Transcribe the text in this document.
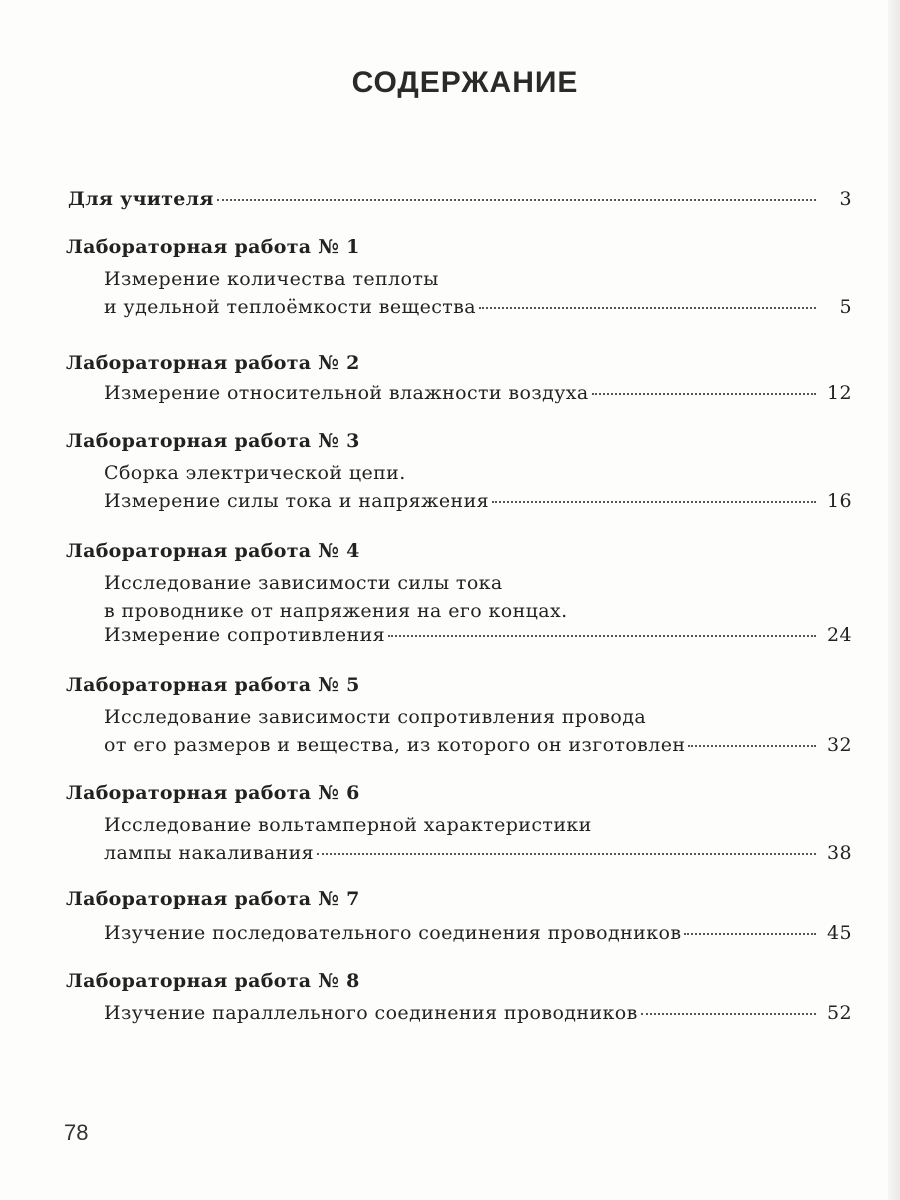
СОДЕРЖАНИЕ
Для учителя	3
Лабораторная работа № 1
Измерение количества теплоты
и удельной теплоёмкости вещества	5
Лабораторная работа № 2
Измерение относительной влажности воздуха	12
Лабораторная работа № 3
Сборка электрической цепи.
Измерение силы тока и напряжения	16
Лабораторная работа № 4
Исследование зависимости силы тока
в проводнике от напряжения на его концах.
Измерение сопротивления	24
Лабораторная работа № 5
Исследование зависимости сопротивления провода
от его размеров и вещества, из которого он изготовлен	32
Лабораторная работа № 6
Исследование вольтамперной характеристики
лампы накаливания	38
Лабораторная работа № 7
Изучение последовательного соединения проводников	45
Лабораторная работа № 8
Изучение параллельного соединения проводников	52
78
